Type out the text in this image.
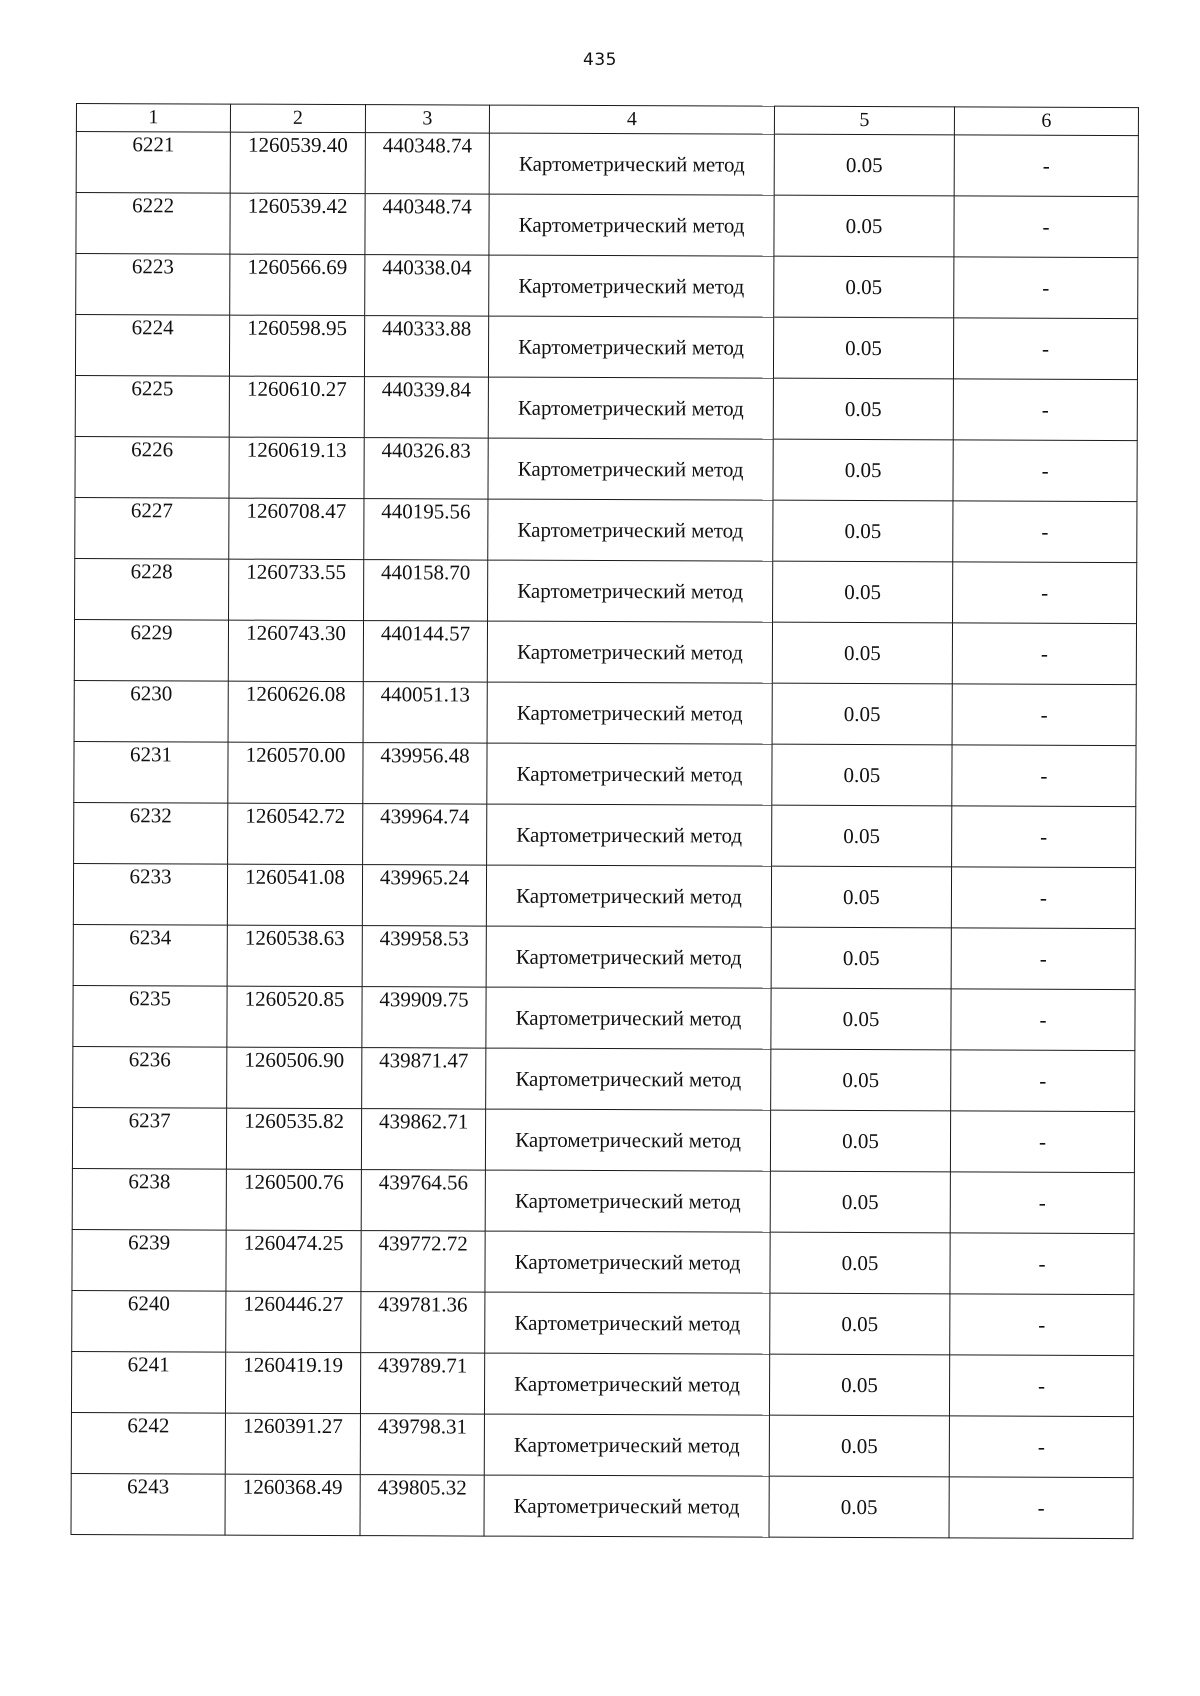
435
1	2	3	4	5	6
6221	1260539.40	440348.74	Картометрический метод	0.05	-
6222	1260539.42	440348.74	Картометрический метод	0.05	-
6223	1260566.69	440338.04	Картометрический метод	0.05	-
6224	1260598.95	440333.88	Картометрический метод	0.05	-
6225	1260610.27	440339.84	Картометрический метод	0.05	-
6226	1260619.13	440326.83	Картометрический метод	0.05	-
6227	1260708.47	440195.56	Картометрический метод	0.05	-
6228	1260733.55	440158.70	Картометрический метод	0.05	-
6229	1260743.30	440144.57	Картометрический метод	0.05	-
6230	1260626.08	440051.13	Картометрический метод	0.05	-
6231	1260570.00	439956.48	Картометрический метод	0.05	-
6232	1260542.72	439964.74	Картометрический метод	0.05	-
6233	1260541.08	439965.24	Картометрический метод	0.05	-
6234	1260538.63	439958.53	Картометрический метод	0.05	-
6235	1260520.85	439909.75	Картометрический метод	0.05	-
6236	1260506.90	439871.47	Картометрический метод	0.05	-
6237	1260535.82	439862.71	Картометрический метод	0.05	-
6238	1260500.76	439764.56	Картометрический метод	0.05	-
6239	1260474.25	439772.72	Картометрический метод	0.05	-
6240	1260446.27	439781.36	Картометрический метод	0.05	-
6241	1260419.19	439789.71	Картометрический метод	0.05	-
6242	1260391.27	439798.31	Картометрический метод	0.05	-
6243	1260368.49	439805.32	Картометрический метод	0.05	-
